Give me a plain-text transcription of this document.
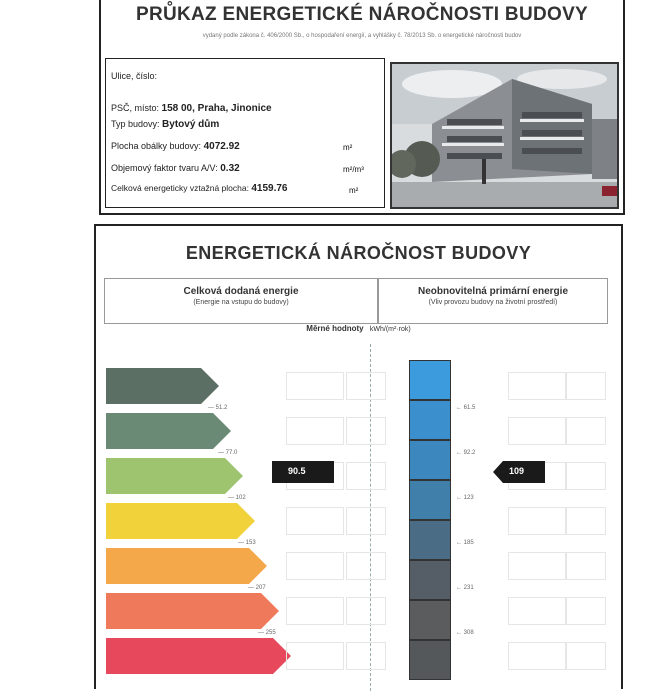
PRŮKAZ ENERGETICKÉ NÁROČNOSTI BUDOVY
vydaný podle zákona č. 406/2000 Sb., o hospodaření energií, a vyhlášky č. 78/2013 Sb. o energetické náročnosti budov
Ulice, číslo:
PSČ, místo: 158 00, Praha, Jinonice
Typ budovy: Bytový dům
Plocha obálky budovy: 4072.92	m²
Objemový faktor tvaru A/V: 0.32	m²/m³
Celková energeticky vztažná plocha: 4159.76	m²
ENERGETICKÁ NÁROČNOST BUDOVY
Celková dodaná energie
(Energie na vstupu do budovy)
Neobnovitelná primární energie
(Vliv provozu budovy na životní prostředí)
Měrné hodnoty kWh/(m²·rok)
— 51.2
— 77.0
— 102
— 153
— 207
— 255
← 61.5
← 92.2
← 123
← 185
← 231
← 308
90.5	109
